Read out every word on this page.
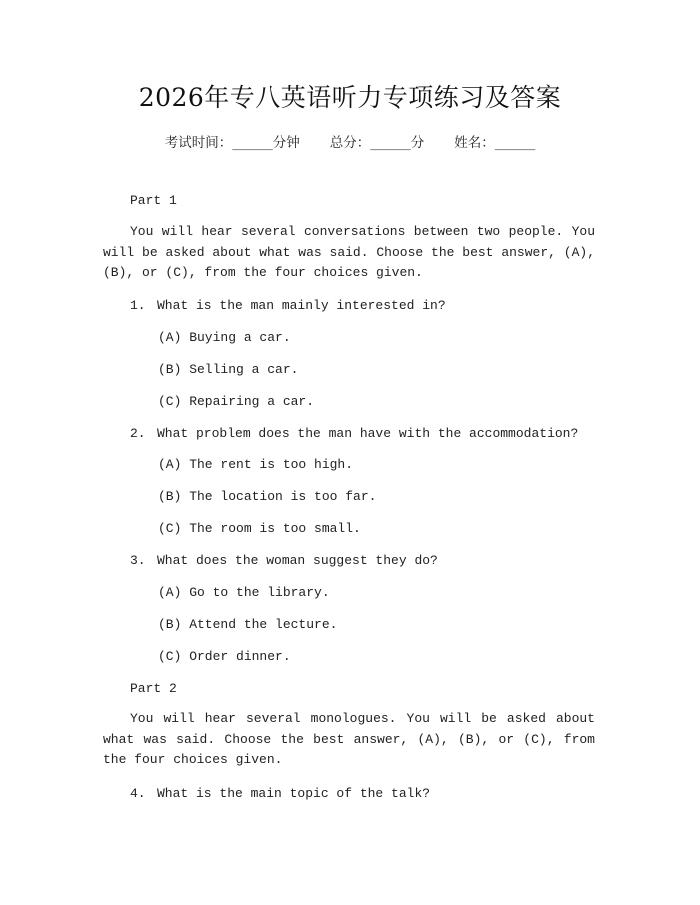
2026年专八英语听力专项练习及答案
考试时间：______分钟 总分：______分 姓名：______
Part 1
You will hear several conversations between two people. You will be asked about what was said. Choose the best answer, (A), (B), or (C), from the four choices given.
1. What is the man mainly interested in?
(A) Buying a car.
(B) Selling a car.
(C) Repairing a car.
2. What problem does the man have with the accommodation?
(A) The rent is too high.
(B) The location is too far.
(C) The room is too small.
3. What does the woman suggest they do?
(A) Go to the library.
(B) Attend the lecture.
(C) Order dinner.
Part 2
You will hear several monologues. You will be asked about what was said. Choose the best answer, (A), (B), or (C), from the four choices given.
4. What is the main topic of the talk?
